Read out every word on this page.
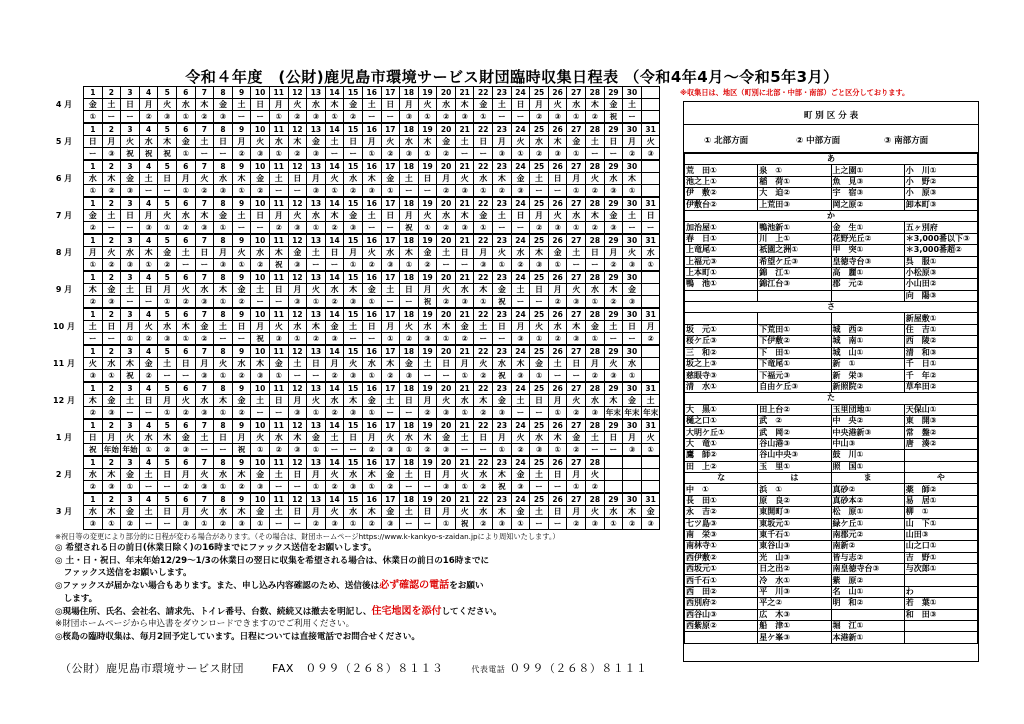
令和４年度　(公財)鹿児島市環境サービス財団臨時収集日程表 （令和4年4月～令和5年3月）
※収集日は、地区（町別に北部・中部・南部）ごと区分しております。
4 月
1	2	3	4	5	6	7	8	9	10	11	12	13	14	15	16	17	18	19	20	21	22	23	24	25	26	27	28	29	30	
金	土	日	月	火	水	木	金	土	日	月	火	水	木	金	土	日	月	火	水	木	金	土	日	月	火	水	木	金	土	
①	ー	ー	②	③	①	②	③	ー	ー	①	②	③	①	②	ー	ー	③	①	②	③	①	ー	ー	②	③	①	②	祝	ー	
5 月
1	2	3	4	5	6	7	8	9	10	11	12	13	14	15	16	17	18	19	20	21	22	23	24	25	26	27	28	29	30	31
日	月	火	水	木	金	土	日	月	火	水	木	金	土	日	月	火	水	木	金	土	日	月	火	水	木	金	土	日	月	火
ー	③	祝	祝	祝	①	ー	ー	②	③	①	②	③	ー	ー	①	②	③	①	②	ー	ー	③	①	②	③	①	ー	ー	②	③
6 月
1	2	3	4	5	6	7	8	9	10	11	12	13	14	15	16	17	18	19	20	21	22	23	24	25	26	27	28	29	30	
水	木	金	土	日	月	火	水	木	金	土	日	月	火	水	木	金	土	日	月	火	水	木	金	土	日	月	火	水	木	
①	②	③	ー	ー	①	②	③	①	②	ー	ー	③	①	②	③	①	ー	ー	②	③	①	②	③	ー	ー	①	②	③	①	
7 月
1	2	3	4	5	6	7	8	9	10	11	12	13	14	15	16	17	18	19	20	21	22	23	24	25	26	27	28	29	30	31
金	土	日	月	火	水	木	金	土	日	月	火	水	木	金	土	日	月	火	水	木	金	土	日	月	火	水	木	金	土	日
②	ー	ー	③	①	②	③	①	ー	ー	②	③	①	②	③	ー	ー	祝	①	②	③	①	ー	ー	②	③	①	②	③	ー	ー
8 月
1	2	3	4	5	6	7	8	9	10	11	12	13	14	15	16	17	18	19	20	21	22	23	24	25	26	27	28	29	30	31
月	火	水	木	金	土	日	月	火	水	木	金	土	日	月	火	水	木	金	土	日	月	火	水	木	金	土	日	月	火	水
①	②	③	①	②	ー	ー	③	①	②	祝	③	ー	ー	①	②	③	①	②	ー	ー	③	①	②	③	①	ー	ー	②	③	①
9 月
1	2	3	4	5	6	7	8	9	10	11	12	13	14	15	16	17	18	19	20	21	22	23	24	25	26	27	28	29	30	
木	金	土	日	月	火	水	木	金	土	日	月	火	水	木	金	土	日	月	火	水	木	金	土	日	月	火	水	木	金	
②	③	ー	ー	①	②	③	①	②	ー	ー	③	①	②	③	①	ー	ー	祝	②	③	①	祝	ー	ー	②	③	①	②	③	
10 月
1	2	3	4	5	6	7	8	9	10	11	12	13	14	15	16	17	18	19	20	21	22	23	24	25	26	27	28	29	30	31
土	日	月	火	水	木	金	土	日	月	火	水	木	金	土	日	月	火	水	木	金	土	日	月	火	水	木	金	土	日	月
ー	ー	①	②	③	①	②	ー	ー	祝	③	①	②	③	ー	ー	①	②	③	①	②	ー	ー	③	①	②	③	①	ー	ー	②
11 月
1	2	3	4	5	6	7	8	9	10	11	12	13	14	15	16	17	18	19	20	21	22	23	24	25	26	27	28	29	30	
火	水	木	金	土	日	月	火	水	木	金	土	日	月	火	水	木	金	土	日	月	火	水	木	金	土	日	月	火	水	
③	①	祝	②	ー	ー	③	①	②	③	①	ー	ー	②	③	①	②	③	ー	ー	①	②	祝	③	①	ー	ー	②	③	①	
12 月
1	2	3	4	5	6	7	8	9	10	11	12	13	14	15	16	17	18	19	20	21	22	23	24	25	26	27	28	29	30	31
木	金	土	日	月	火	水	木	金	土	日	月	火	水	木	金	土	日	月	火	水	木	金	土	日	月	火	水	木	金	土
②	③	ー	ー	①	②	③	①	②	ー	ー	③	①	②	③	①	ー	ー	②	③	①	②	③	ー	ー	①	②	③	年末	年末	年末
1 月
1	2	3	4	5	6	7	8	9	10	11	12	13	14	15	16	17	18	19	20	21	22	23	24	25	26	27	28	29	30	31
日	月	火	水	木	金	土	日	月	火	水	木	金	土	日	月	火	水	木	金	土	日	月	火	水	木	金	土	日	月	火
祝	年始	年始	①	②	③	ー	ー	祝	①	②	③	①	ー	ー	②	③	①	②	③	ー	ー	①	②	③	①	②	ー	ー	③	①
2 月
1	2	3	4	5	6	7	8	9	10	11	12	13	14	15	16	17	18	19	20	21	22	23	24	25	26	27	28			
水	木	金	土	日	月	火	水	木	金	土	日	月	火	水	木	金	土	日	月	火	水	木	金	土	日	月	火			
②	③	①	ー	ー	②	③	①	②	③	ー	ー	①	②	③	①	②	ー	ー	③	①	②	祝	③	ー	ー	①	②			
3 月
1	2	3	4	5	6	7	8	9	10	11	12	13	14	15	16	17	18	19	20	21	22	23	24	25	26	27	28	29	30	31
水	木	金	土	日	月	火	水	木	金	土	日	月	火	水	木	金	土	日	月	火	水	木	金	土	日	月	火	水	木	金
③	①	②	ー	ー	③	①	②	③	①	ー	ー	②	③	①	②	③	ー	ー	①	祝	②	③	①	ー	ー	②	③	①	②	③
町 別 区 分 表
① 北部方面	② 中部方面	③ 南部方面
あ			
荒　田①	泉　①	上之園①	小　川①
池之上①	稲　荷①	魚　見③	小　野②
伊　敷②	大　迫②	宇　宿③	小　原③
伊敷台②	上荒田③	岡之原②	卸本町③
か			
加治屋①	鴨池新①	金　生①	五ヶ別府
春　日①	川　上①	花野光丘②	＊3,000番以下③
上竜尾①	祇園之洲①	甲　突①	＊3,000番超②
上福元③	希望ケ丘③	皇徳寺台③	呉　服①
上本町①	錦　江①	高　麗①	小松原③
鴨　池①	錦江台③	郡　元②	小山田②
			向　陽③
さ			
			新屋敷①
坂　元①	下荒田①	城　西②	住　吉①
桜ケ丘③	下伊敷②	城　南①	西　陵②
三　和②	下　田①	城　山①	清　和③
坂之上③	下竜尾①	新　①	千　日①
慈眼寺③	下福元③	新　栄③	千　年②
清　水①	自由ケ丘③	新照院②	草牟田②
た			
大　黒①	田上台②	玉里団地①	天保山①
樋之口①	武　②	中　央②	東　開③
大明ケ丘①	武　岡②	中央港新③	常　盤②
大　竜①	谷山港③	中山③	唐　湊②
鷹　師②	谷山中央③	鼓　川①	
田　上②	玉　里①	照　国①	
な	は	ま	や
中　①	浜　①	真砂②	薬　師②
長　田①	原　良②	真砂本②	易　居①
永　吉②	東開町③	松　原①	柳　①
七ツ島③	東坂元①	緑ケ丘①	山　下①
南　栄③	東千石①	南郡元②	山田③
南林寺①	東谷山③	南新②	山之口①
西伊敷②	光　山③	皆与志②	吉　野①
西坂元①	日之出②	南皇徳寺台③	与次郎①
西千石①	冷　水①	紫　原②	
西　田②	平　川③	名　山①	わ
西別府②	平之②	明　和②	若　葉①
西谷山③	広　木③		和　田③
西紫原②	船　津①	堀　江①	
	星ケ峯③	本港新①	
※祝日等の変更により部分的に日程が変わる場合があります。（その場合は、財団ホームページhttps://www.k-kankyo-s-zaidan.jpにより周知いたします。）
◎ 希望される日の前日(休業日除く)の16時までにファックス送信をお願いします。
◎ 土・日・祝日、年末年始12/29～1/3の休業日の翌日に収集を希望される場合は、休業日の前日の16時までに
　ファックス送信をお願いします。
◎ファックスが届かない場合もあります。また、申し込み内容確認のため、送信後は必ず確認の電話をお願い
　します。
◎現場住所、氏名、会社名、請求先、トイレ番号、台数、続続又は撤去を明記し、住宅地図を添付してください。
※財団ホームページから申込書をダウンロードできますのでご利用ください。
◎桜島の臨時収集は、毎月2回予定しています。日程については直接電話でお問合せください。
（公財）鹿児島市環境サービス財団	FAX　０９９（２６８）８１１３	代表電話 ０９９（２６８）８１１１
